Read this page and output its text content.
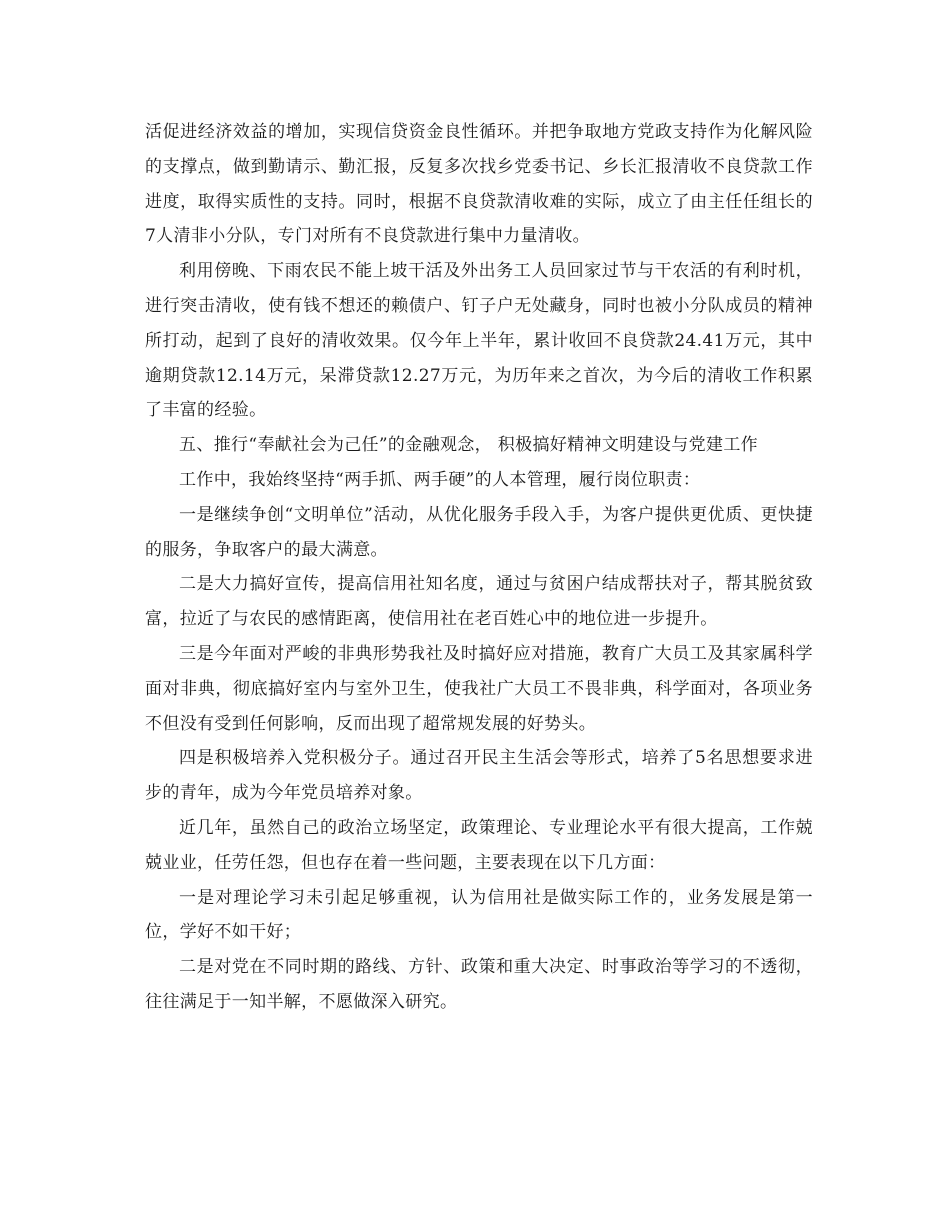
活促进经济效益的增加，实现信贷资金良性循环。并把争取地方党政支持作为化解风险的支撑点，做到勤请示、勤汇报，反复多次找乡党委书记、乡长汇报清收不良贷款工作进度，取得实质性的支持。同时，根据不良贷款清收难的实际，成立了由主任任组长的7人清非小分队，专门对所有不良贷款进行集中力量清收。

利用傍晚、下雨农民不能上坡干活及外出务工人员回家过节与干农活的有利时机，进行突击清收，使有钱不想还的赖债户、钉子户无处藏身，同时也被小分队成员的精神所打动，起到了良好的清收效果。仅今年上半年，累计收回不良贷款24.41万元，其中逾期贷款12.14万元，呆滞贷款12.27万元，为历年来之首次，为今后的清收工作积累了丰富的经验。

五、推行“奉献社会为己任”的金融观念， 积极搞好精神文明建设与党建工作

工作中，我始终坚持“两手抓、两手硬”的人本管理，履行岗位职责：

一是继续争创“文明单位”活动，从优化服务手段入手，为客户提供更优质、更快捷的服务，争取客户的最大满意。

二是大力搞好宣传，提高信用社知名度，通过与贫困户结成帮扶对子，帮其脱贫致富，拉近了与农民的感情距离，使信用社在老百姓心中的地位进一步提升。

三是今年面对严峻的非典形势我社及时搞好应对措施，教育广大员工及其家属科学面对非典，彻底搞好室内与室外卫生，使我社广大员工不畏非典，科学面对，各项业务不但没有受到任何影响，反而出现了超常规发展的好势头。

四是积极培养入党积极分子。通过召开民主生活会等形式，培养了5名思想要求进步的青年，成为今年党员培养对象。

近几年，虽然自己的政治立场坚定，政策理论、专业理论水平有很大提高，工作兢兢业业，任劳任怨，但也存在着一些问题，主要表现在以下几方面：

一是对理论学习未引起足够重视，认为信用社是做实际工作的，业务发展是第一位，学好不如干好；

二是对党在不同时期的路线、方针、政策和重大决定、时事政治等学习的不透彻，往往满足于一知半解，不愿做深入研究。
